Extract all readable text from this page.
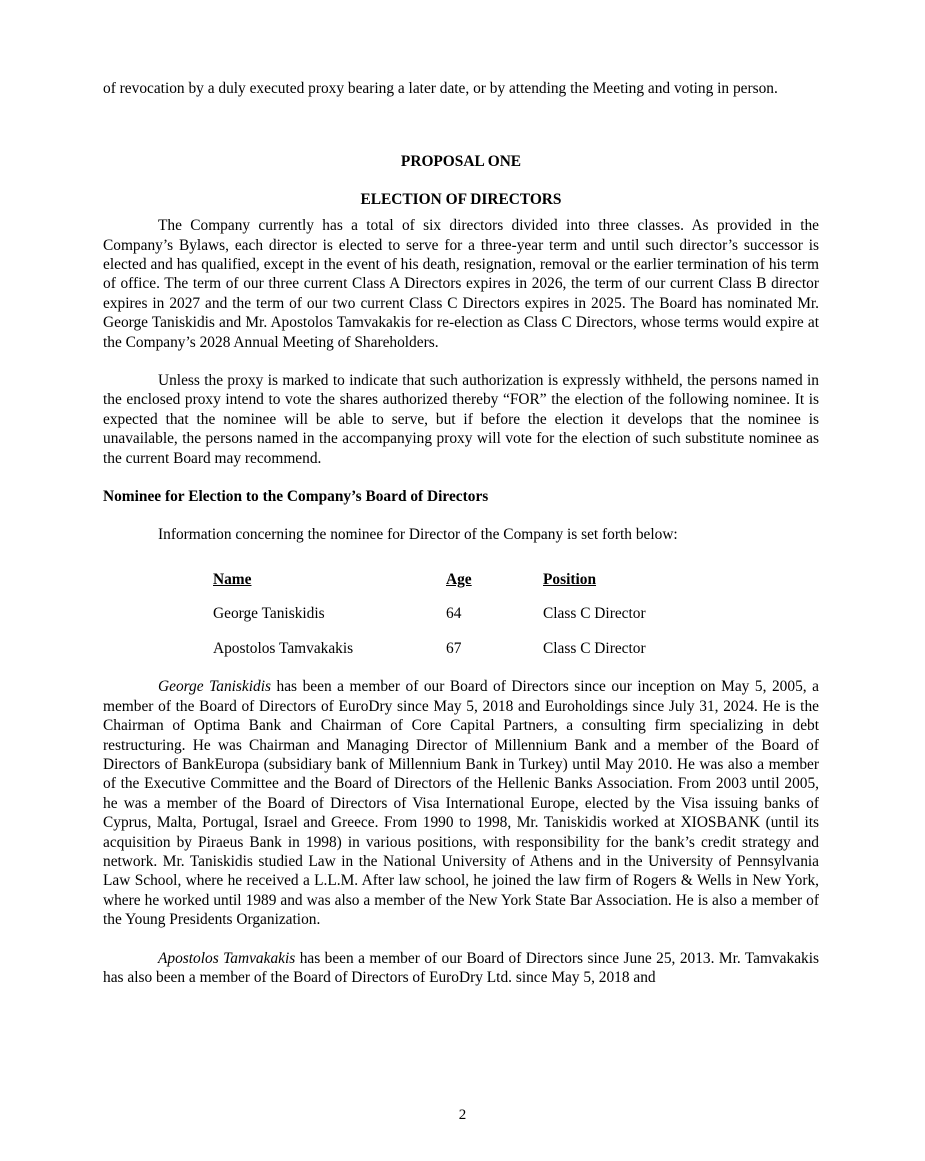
of revocation by a duly executed proxy bearing a later date, or by attending the Meeting and voting in person.

PROPOSAL ONE

ELECTION OF DIRECTORS

The Company currently has a total of six directors divided into three classes. As provided in the Company’s Bylaws, each director is elected to serve for a three-year term and until such director’s successor is elected and has qualified, except in the event of his death, resignation, removal or the earlier termination of his term of office. The term of our three current Class A Directors expires in 2026, the term of our current Class B director expires in 2027 and the term of our two current Class C Directors expires in 2025. The Board has nominated Mr. George Taniskidis and Mr. Apostolos Tamvakakis for re-election as Class C Directors, whose terms would expire at the Company’s 2028 Annual Meeting of Shareholders.

Unless the proxy is marked to indicate that such authorization is expressly withheld, the persons named in the enclosed proxy intend to vote the shares authorized thereby “FOR” the election of the following nominee. It is expected that the nominee will be able to serve, but if before the election it develops that the nominee is unavailable, the persons named in the accompanying proxy will vote for the election of such substitute nominee as the current Board may recommend.

Nominee for Election to the Company’s Board of Directors

Information concerning the nominee for Director of the Company is set forth below:

Name	Age	Position
George Taniskidis	64	Class C Director
Apostolos Tamvakakis	67	Class C Director

George Taniskidis has been a member of our Board of Directors since our inception on May 5, 2005, a member of the Board of Directors of EuroDry since May 5, 2018 and Euroholdings since July 31, 2024. He is the Chairman of Optima Bank and Chairman of Core Capital Partners, a consulting firm specializing in debt restructuring. He was Chairman and Managing Director of Millennium Bank and a member of the Board of Directors of BankEuropa (subsidiary bank of Millennium Bank in Turkey) until May 2010. He was also a member of the Executive Committee and the Board of Directors of the Hellenic Banks Association. From 2003 until 2005, he was a member of the Board of Directors of Visa International Europe, elected by the Visa issuing banks of Cyprus, Malta, Portugal, Israel and Greece. From 1990 to 1998, Mr. Taniskidis worked at XIOSBANK (until its acquisition by Piraeus Bank in 1998) in various positions, with responsibility for the bank’s credit strategy and network. Mr. Taniskidis studied Law in the National University of Athens and in the University of Pennsylvania Law School, where he received a L.L.M. After law school, he joined the law firm of Rogers & Wells in New York, where he worked until 1989 and was also a member of the New York State Bar Association. He is also a member of the Young Presidents Organization.

Apostolos Tamvakakis has been a member of our Board of Directors since June 25, 2013. Mr. Tamvakakis has also been a member of the Board of Directors of EuroDry Ltd. since May 5, 2018 and

2
